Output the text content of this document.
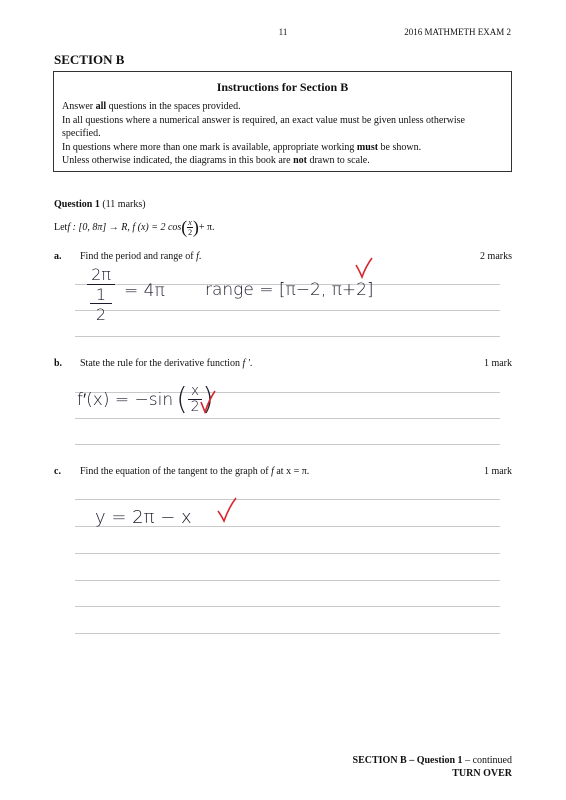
11	2016 MATHMETH EXAM 2
SECTION B
Instructions for Section B
Answer all questions in the spaces provided.
In all questions where a numerical answer is required, an exact value must be given unless otherwise specified.
In questions where more than one mark is available, appropriate working must be shown.
Unless otherwise indicated, the diagrams in this book are not drawn to scale.
Question 1 (11 marks)
Let f : [0, 8π] → R, f (x) = 2 cos ( $\frac{x}{2}$ ) + π.
a.	Find the period and range of f.	2 marks
2π
1
2
= 4π range = [π−2, π+2]
b.	State the rule for the derivative function f ′.	1 mark
f′(x) = −sin ( x
2 )
c.	Find the equation of the tangent to the graph of f at x = π.	1 mark
y = 2π − x
SECTION B – Question 1 – continued
TURN OVER
